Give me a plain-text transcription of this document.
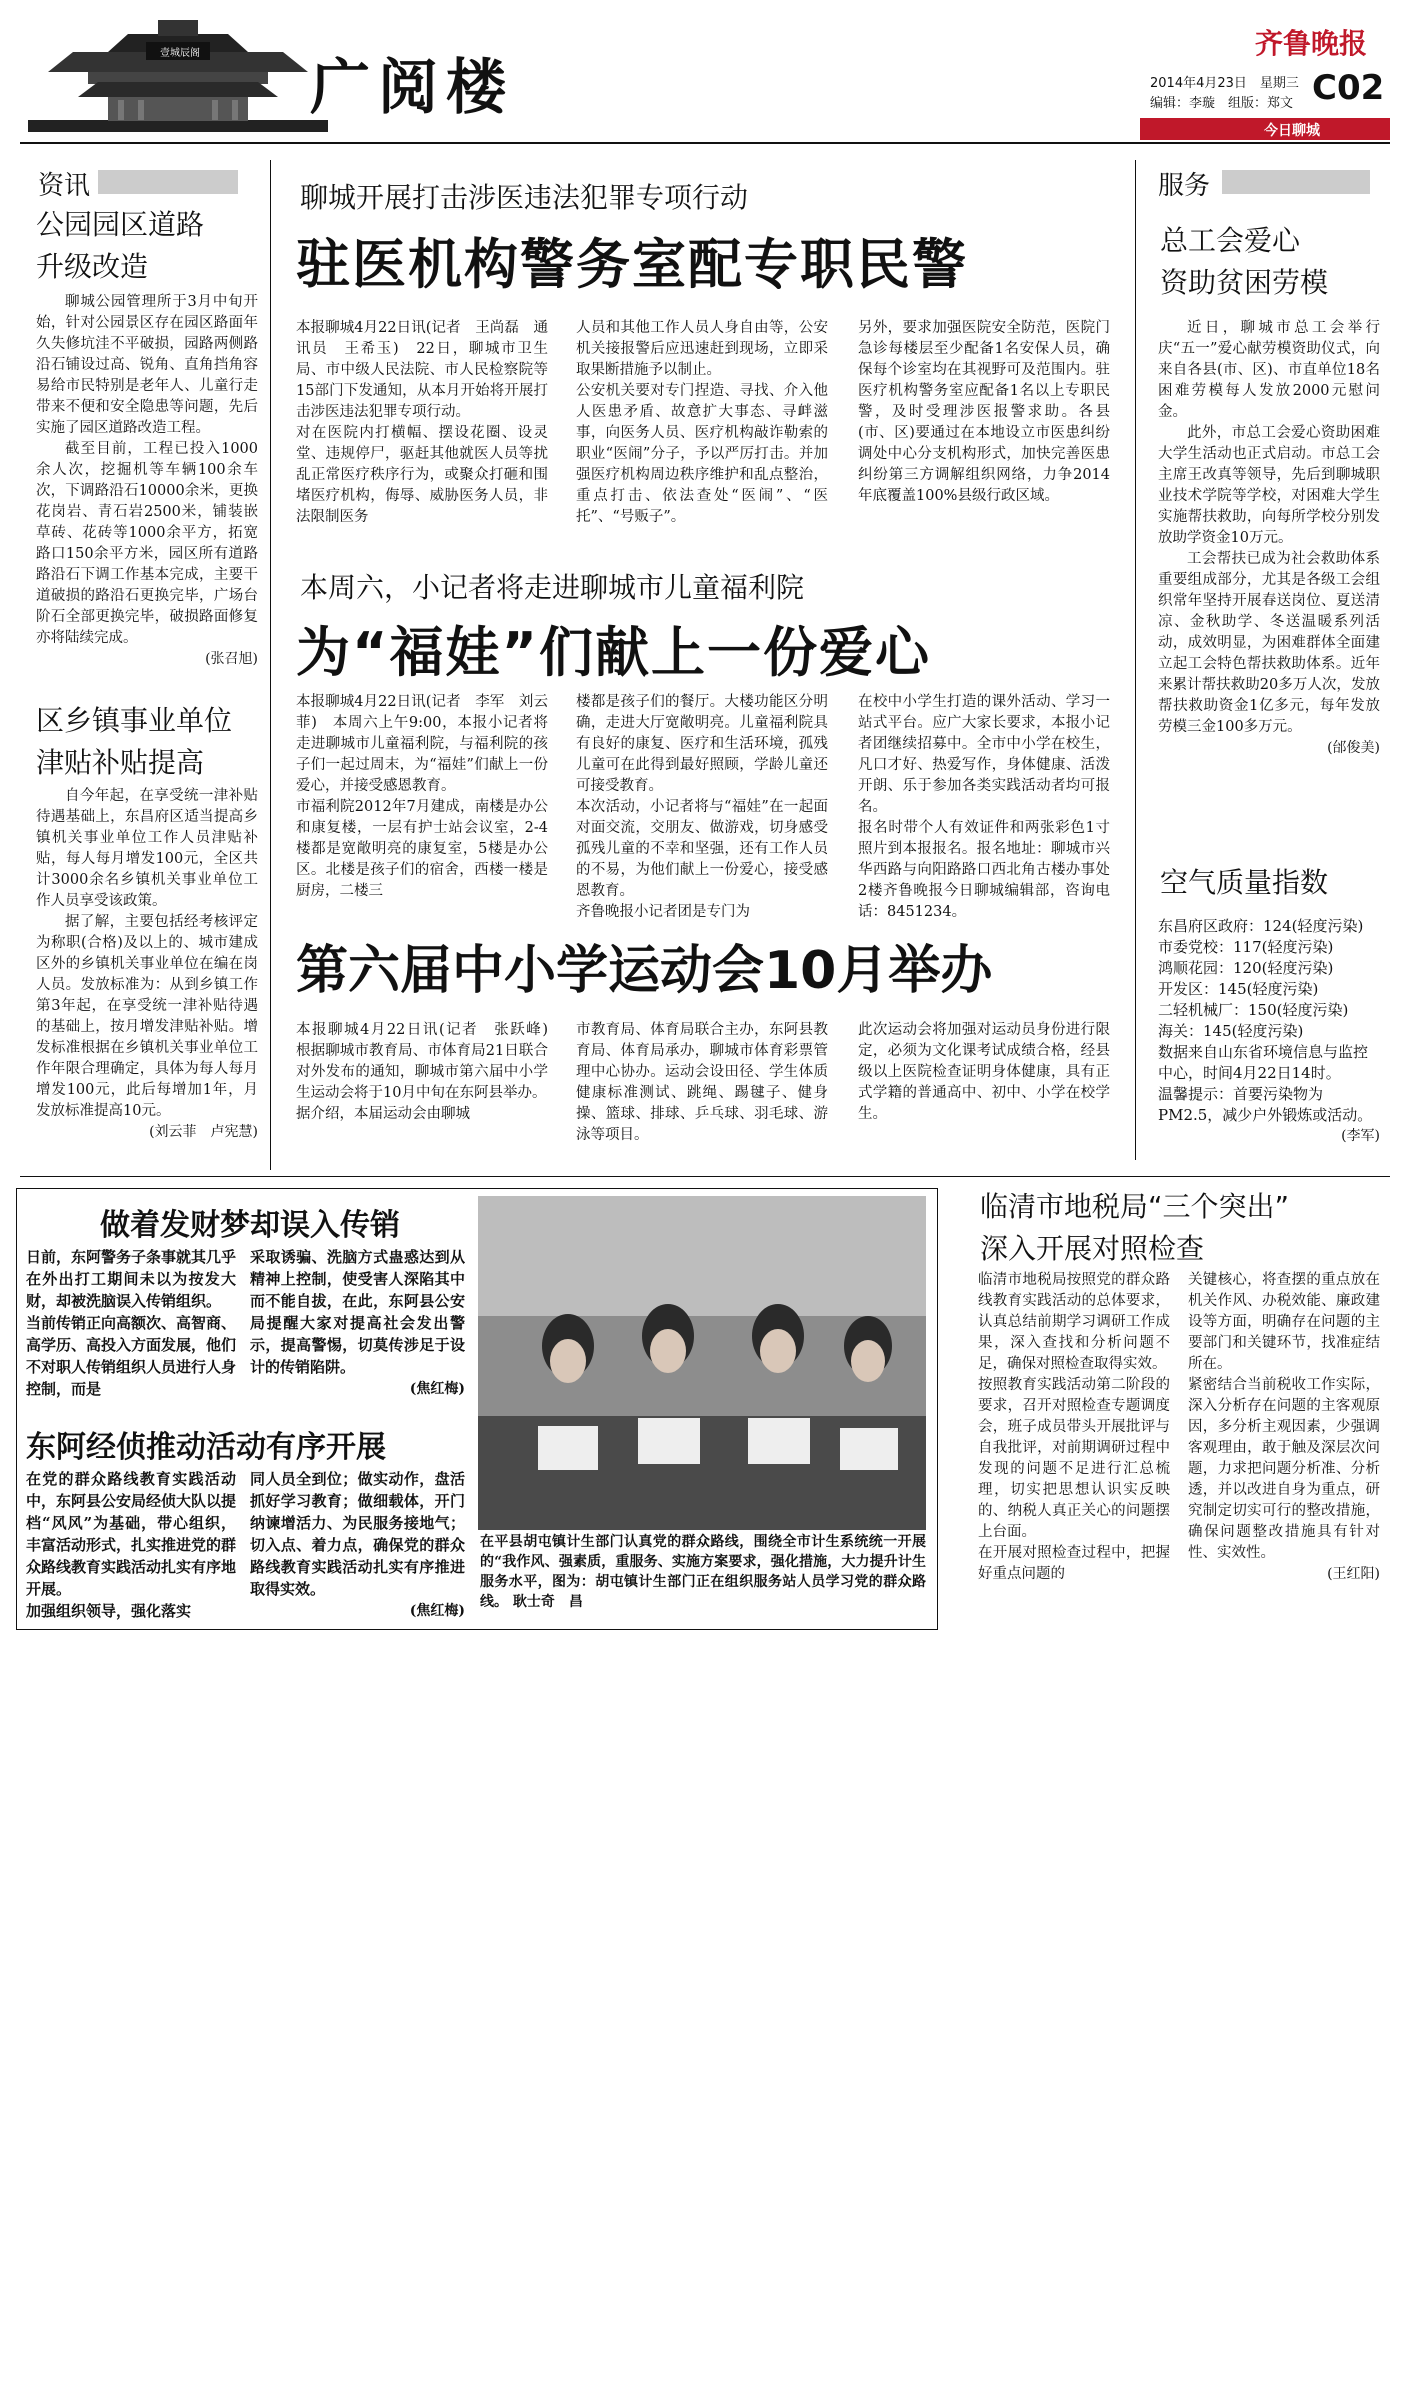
壹城辰阁 广阅楼
齐鲁晚报
2014年4月23日　星期三
编辑：李璇　组版：郑文 C02
今日聊城
资讯
公园园区道路
升级改造

聊城公园管理所于3月中旬开始，针对公园景区存在园区路面年久失修坑洼不平破损，园路两侧路沿石铺设过高、锐角、直角挡角容易给市民特别是老年人、儿童行走带来不便和安全隐患等问题，先后实施了园区道路改造工程。

截至目前，工程已投入1000余人次，挖掘机等车辆100余车次，下调路沿石10000余米，更换花岗岩、青石岩2500米，铺装嵌草砖、花砖等1000余平方，拓宽路口150余平方米，园区所有道路路沿石下调工作基本完成，主要干道破损的路沿石更换完毕，广场台阶石全部更换完毕，破损路面修复亦将陆续完成。

(张召旭)
区乡镇事业单位
津贴补贴提高

自今年起，在享受统一津补贴待遇基础上，东昌府区适当提高乡镇机关事业单位工作人员津贴补贴，每人每月增发100元，全区共计3000余名乡镇机关事业单位工作人员享受该政策。

据了解，主要包括经考核评定为称职(合格)及以上的、城市建成区外的乡镇机关事业单位在编在岗人员。发放标准为：从到乡镇工作第3年起，在享受统一津补贴待遇的基础上，按月增发津贴补贴。增发标准根据在乡镇机关事业单位工作年限合理确定，具体为每人每月增发100元，此后每增加1年，月发放标准提高10元。

(刘云菲　卢宪慧)
聊城开展打击涉医违法犯罪专项行动
驻医机构警务室配专职民警
本报聊城4月22日讯(记者　王尚磊　通讯员　王希玉)　22日，聊城市卫生局、市中级人民法院、市人民检察院等15部门下发通知，从本月开始将开展打击涉医违法犯罪专项行动。
对在医院内打横幅、摆设花圈、设灵堂、违规停尸，驱赶其他就医人员等扰乱正常医疗秩序行为，或聚众打砸和围堵医疗机构，侮辱、威胁医务人员，非法限制医务
人员和其他工作人员人身自由等，公安机关接报警后应迅速赶到现场，立即采取果断措施予以制止。
公安机关要对专门捏造、寻找、介入他人医患矛盾、故意扩大事态、寻衅滋事，向医务人员、医疗机构敲诈勒索的职业“医闹”分子，予以严厉打击。并加强医疗机构周边秩序维护和乱点整治，重点打击、依法查处“医闹”、“医托”、“号贩子”。
另外，要求加强医院安全防范，医院门急诊每楼层至少配备1名安保人员，确保每个诊室均在其视野可及范围内。驻医疗机构警务室应配备1名以上专职民警，及时受理涉医报警求助。各县(市、区)要通过在本地设立市医患纠纷调处中心分支机构形式，加快完善医患纠纷第三方调解组织网络，力争2014年底覆盖100%县级行政区域。
本周六，小记者将走进聊城市儿童福利院
为“福娃”们献上一份爱心
本报聊城4月22日讯(记者　李军　刘云菲)　本周六上午9:00，本报小记者将走进聊城市儿童福利院，与福利院的孩子们一起过周末，为“福娃”们献上一份爱心，并接受感恩教育。
市福利院2012年7月建成，南楼是办公和康复楼，一层有护士站会议室，2-4楼都是宽敞明亮的康复室，5楼是办公区。北楼是孩子们的宿舍，西楼一楼是厨房，二楼三
楼都是孩子们的餐厅。大楼功能区分明确，走进大厅宽敞明亮。儿童福利院具有良好的康复、医疗和生活环境，孤残儿童可在此得到最好照顾，学龄儿童还可接受教育。
本次活动，小记者将与“福娃”在一起面对面交流，交朋友、做游戏，切身感受孤残儿童的不幸和坚强，还有工作人员的不易，为他们献上一份爱心，接受感恩教育。
齐鲁晚报小记者团是专门为
在校中小学生打造的课外活动、学习一站式平台。应广大家长要求，本报小记者团继续招募中。全市中小学在校生，凡口才好、热爱写作，身体健康、活泼开朗、乐于参加各类实践活动者均可报名。
报名时带个人有效证件和两张彩色1寸照片到本报报名。报名地址：聊城市兴华西路与向阳路路口西北角古楼办事处2楼齐鲁晚报今日聊城编辑部，咨询电话：8451234。
第六届中小学运动会10月举办
本报聊城4月22日讯(记者　张跃峰)　根据聊城市教育局、市体育局21日联合对外发布的通知，聊城市第六届中小学生运动会将于10月中旬在东阿县举办。
据介绍，本届运动会由聊城
市教育局、体育局联合主办，东阿县教育局、体育局承办，聊城市体育彩票管理中心协办。运动会设田径、学生体质健康标准测试、跳绳、踢毽子、健身操、篮球、排球、乒乓球、羽毛球、游泳等项目。
此次运动会将加强对运动员身份进行限定，必须为文化课考试成绩合格，经县级以上医院检查证明身体健康，具有正式学籍的普通高中、初中、小学在校学生。
服务
总工会爱心
资助贫困劳模

近日，聊城市总工会举行庆“五一”爱心献劳模资助仪式，向来自各县(市、区)、市直单位18名困难劳模每人发放2000元慰问金。

此外，市总工会爱心资助困难大学生活动也正式启动。市总工会主席王改真等领导，先后到聊城职业技术学院等学校，对困难大学生实施帮扶救助，向每所学校分别发放助学资金10万元。

工会帮扶已成为社会救助体系重要组成部分，尤其是各级工会组织常年坚持开展春送岗位、夏送清凉、金秋助学、冬送温暖系列活动，成效明显，为困难群体全面建立起工会特色帮扶救助体系。近年来累计帮扶救助20多万人次，发放帮扶救助资金1亿多元，每年发放劳模三金100多万元。

(邰俊美)
空气质量指数
东昌府区政府：124(轻度污染)
市委党校：117(轻度污染)
鸿顺花园：120(轻度污染)
开发区：145(轻度污染)
二轻机械厂：150(轻度污染)
海关：145(轻度污染)
数据来自山东省环境信息与监控中心，时间4月22日14时。
温馨提示：首要污染物为PM2.5，减少户外锻炼或活动。
(李军)
做着发财梦却误入传销
日前，东阿警务子条事就其几乎在外出打工期间未以为按发大财，却被洗脑误入传销组织。
当前传销正向高额次、高智商、高学历、高投入方面发展，他们不对职人传销组织人员进行人身控制，而是
采取诱骗、洗脑方式蛊惑达到从精神上控制，使受害人深陷其中而不能自拔，在此，东阿县公安局提醒大家对提高社会发出警示，提高警惕，切莫传涉足于设计的传销陷阱。
(焦红梅)
东阿经侦推动活动有序开展
在党的群众路线教育实践活动中，东阿县公安局经侦大队以提档“风风”为基础，带心组织，丰富活动形式，扎实推进党的群众路线教育实践活动扎实有序地开展。
加强组织领导，强化落实
同人员全到位；做实动作，盘活抓好学习教育；做细载体，开门纳谏增活力、为民服务接地气；切入点、着力点，确保党的群众路线教育实践活动扎实有序推进取得实效。
(焦红梅)
在平县胡屯镇计生部门认真党的群众路线，围绕全市计生系统统一开展的“我作风、强素质，重服务、实施方案要求，强化措施，大力提升计生服务水平，图为：胡屯镇计生部门正在组织服务站人员学习党的群众路线。 耿士奇　昌
临清市地税局“三个突出”
深入开展对照检查
临清市地税局按照党的群众路线教育实践活动的总体要求，认真总结前期学习调研工作成果，深入查找和分析问题不足，确保对照检查取得实效。
按照教育实践活动第二阶段的要求，召开对照检查专题调度会，班子成员带头开展批评与自我批评，对前期调研过程中发现的问题不足进行汇总梳理，切实把思想认识实反映的、纳税人真正关心的问题摆上台面。
在开展对照检查过程中，把握好重点问题的
关键核心，将查摆的重点放在机关作风、办税效能、廉政建设等方面，明确存在问题的主要部门和关键环节，找准症结所在。
紧密结合当前税收工作实际，深入分析存在问题的主客观原因，多分析主观因素，少强调客观理由，敢于触及深层次问题，力求把问题分析准、分析透，并以改进自身为重点，研究制定切实可行的整改措施，确保问题整改措施具有针对性、实效性。
(王红阳)
